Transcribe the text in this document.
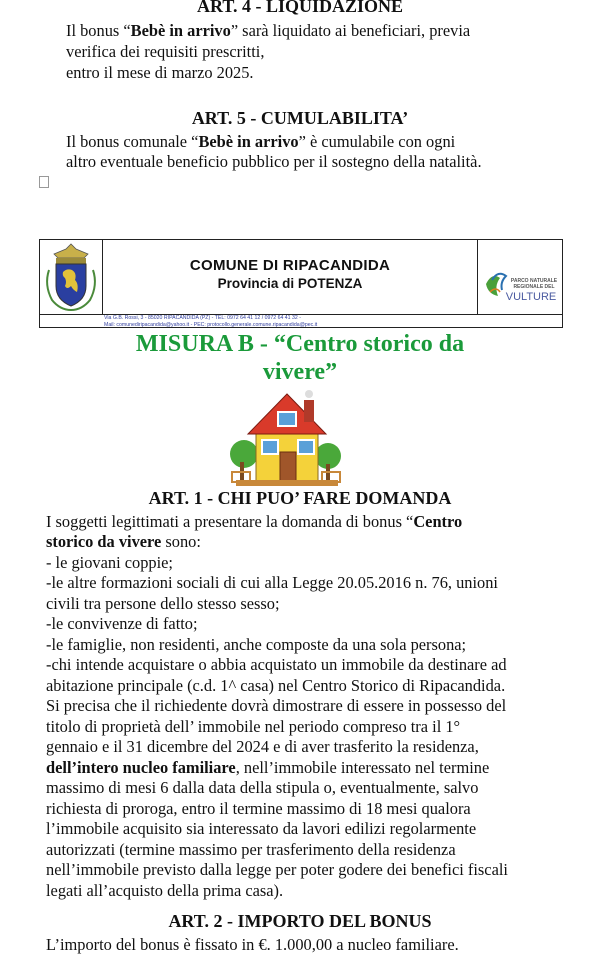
ART. 4 - LIQUIDAZIONE
Il bonus “Bebè in arrivo” sarà liquidato ai beneficiari, previa
verifica dei requisiti prescritti,
entro il mese di marzo 2025.
ART. 5 - CUMULABILITA’
Il bonus comunale “Bebè in arrivo” è cumulabile con ogni
altro eventuale beneficio pubblico per il sostegno della natalità.
COMUNE DI RIPACANDIDA
Provincia di POTENZA	PARCO NATURALE
REGIONALE DEL
VULTURE
Via G.B. Rossi, 3 - 85020 RIPACANDIDA (PZ) - TEL: 0972 64 41 12 / 0972 64 41 32 -
Mail: comunediripacandida@yahoo.it - PEC: protocollo.generale.comune.ripacandida@pec.it
MISURA B - “Centro storico da
vivere”
ART. 1 - CHI PUO’ FARE DOMANDA
I soggetti legittimati a presentare la domanda di bonus “Centro
storico da vivere sono:
- le giovani coppie;
-le altre formazioni sociali di cui alla Legge 20.05.2016 n. 76, unioni
civili tra persone dello stesso sesso;
-le convivenze di fatto;
-le famiglie, non residenti, anche composte da una sola persona;
-chi intende acquistare o abbia acquistato un immobile da destinare ad
abitazione principale (c.d. 1^ casa) nel Centro Storico di Ripacandida.
Si precisa che il richiedente dovrà dimostrare di essere in possesso del
titolo di proprietà dell’ immobile nel periodo compreso tra il 1°
gennaio e il 31 dicembre del 2024 e di aver trasferito la residenza,
dell’intero nucleo familiare, nell’immobile interessato nel termine
massimo di mesi 6 dalla data della stipula o, eventualmente, salvo
richiesta di proroga, entro il termine massimo di 18 mesi qualora
l’immobile acquisito sia interessato da lavori edilizi regolarmente
autorizzati (termine massimo per trasferimento della residenza
nell’immobile previsto dalla legge per poter godere dei benefici fiscali
legati all’acquisto della prima casa).
ART. 2 - IMPORTO DEL BONUS
L’importo del bonus è fissato in €. 1.000,00 a nucleo familiare.
